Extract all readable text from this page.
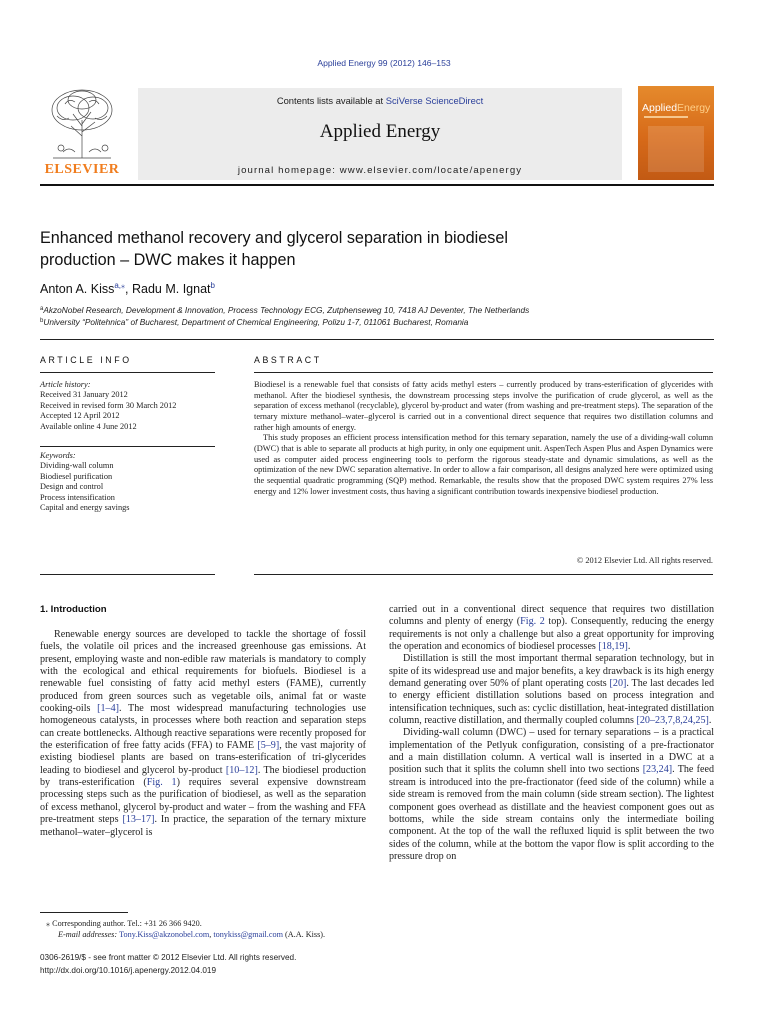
Applied Energy 99 (2012) 146–153
ELSEVIER
Contents lists available at SciVerse ScienceDirect
Applied Energy
journal homepage: www.elsevier.com/locate/apenergy
AppliedEnergy
Enhanced methanol recovery and glycerol separation in biodiesel
production – DWC makes it happen
Anton A. Kiss$^{a,⁎}$, Radu M. Ignat$^b$
$^a$AkzoNobel Research, Development & Innovation, Process Technology ECG, Zutphenseweg 10, 7418 AJ Deventer, The Netherlands
$^b$University “Politehnica” of Bucharest, Department of Chemical Engineering, Polizu 1-7, 011061 Bucharest, Romania
ARTICLE INFO
Article history:
Received 31 January 2012
Received in revised form 30 March 2012
Accepted 12 April 2012
Available online 4 June 2012
Keywords:
Dividing-wall column
Biodiesel purification
Design and control
Process intensification
Capital and energy savings
ABSTRACT

Biodiesel is a renewable fuel that consists of fatty acids methyl esters – currently produced by trans-esterification of glycerides with methanol. After the biodiesel synthesis, the downstream processing steps involve the purification of crude glycerol, as well as the separation of excess methanol (recyclable), glycerol by-product and water (from washing and pre-treatment steps). The separation of the ternary mixture methanol–water–glycerol is carried out in a conventional direct sequence that requires two distillation columns and rather high amounts of energy.

This study proposes an efficient process intensification method for this ternary separation, namely the use of a dividing-wall column (DWC) that is able to separate all products at high purity, in only one equipment unit. AspenTech Aspen Plus and Aspen Dynamics were used as computer aided process engineering tools to perform the rigorous steady-state and dynamic simulations, as well as the optimization of the new DWC separation alternative. In order to allow a fair comparison, all designs analyzed here were optimized using the sequential quadratic programming (SQP) method. Remarkable, the results show that the proposed DWC system requires 27% less energy and 12% lower investment costs, thus having a significant contribution towards inexpensive biodiesel production.

© 2012 Elsevier Ltd. All rights reserved.
1. Introduction

Renewable energy sources are developed to tackle the shortage of fossil fuels, the volatile oil prices and the increased greenhouse gas emissions. At present, employing waste and non-edible raw materials is mandatory to comply with the ecological and ethical requirements for biofuels. Biodiesel is a renewable fuel consisting of fatty acid methyl esters (FAME), currently produced from green sources such as vegetable oils, animal fat or waste cooking-oils [1–4]. The most widespread manufacturing technologies use homogeneous catalysts, in processes where both reaction and separation steps can create bottlenecks. Although reactive separations were recently proposed for the esterification of free fatty acids (FFA) to FAME [5–9], the vast majority of existing biodiesel plants are based on trans-esterification of tri-glycerides leading to biodiesel and glycerol by-product [10–12]. The biodiesel production by trans-esterification (Fig. 1) requires several expensive downstream processing steps such as the purification of biodiesel, as well as the separation of excess methanol, glycerol by-product and water – from the washing and FFA pre-treatment steps [13–17]. In practice, the separation of the ternary mixture methanol–water–glycerol is

carried out in a conventional direct sequence that requires two distillation columns and plenty of energy (Fig. 2 top). Consequently, reducing the energy requirements is not only a challenge but also a great opportunity for improving the operation and economics of biodiesel processes [18,19].

Distillation is still the most important thermal separation technology, but in spite of its widespread use and major benefits, a key drawback is its high energy demand generating over 50% of plant operating costs [20]. The last decades led to energy efficient distillation solutions based on process integration and intensification techniques, such as: cyclic distillation, heat-integrated distillation column, reactive distillation, and thermally coupled columns [20–23,7,8,24,25].

Dividing-wall column (DWC) – used for ternary separations – is a practical implementation of the Petlyuk configuration, consisting of a pre-fractionator and a main distillation column. A vertical wall is inserted in a DWC at a position such that it splits the column shell into two sections [23,24]. The feed stream is introduced into the pre-fractionator (feed side of the column) while a side stream is removed from the main column (side stream section). The lightest component goes overhead as distillate and the heaviest component goes out as bottoms, while the side stream contains only the intermediate boiling component. At the top of the wall the refluxed liquid is split between the two sides of the column, while at the bottom the vapor flow is split according to the pressure drop on

⁎ Corresponding author. Tel.: +31 26 366 9420.
E-mail addresses: Tony.Kiss@akzonobel.com, tonykiss@gmail.com (A.A. Kiss).
0306-2619/$ - see front matter © 2012 Elsevier Ltd. All rights reserved.
http://dx.doi.org/10.1016/j.apenergy.2012.04.019
